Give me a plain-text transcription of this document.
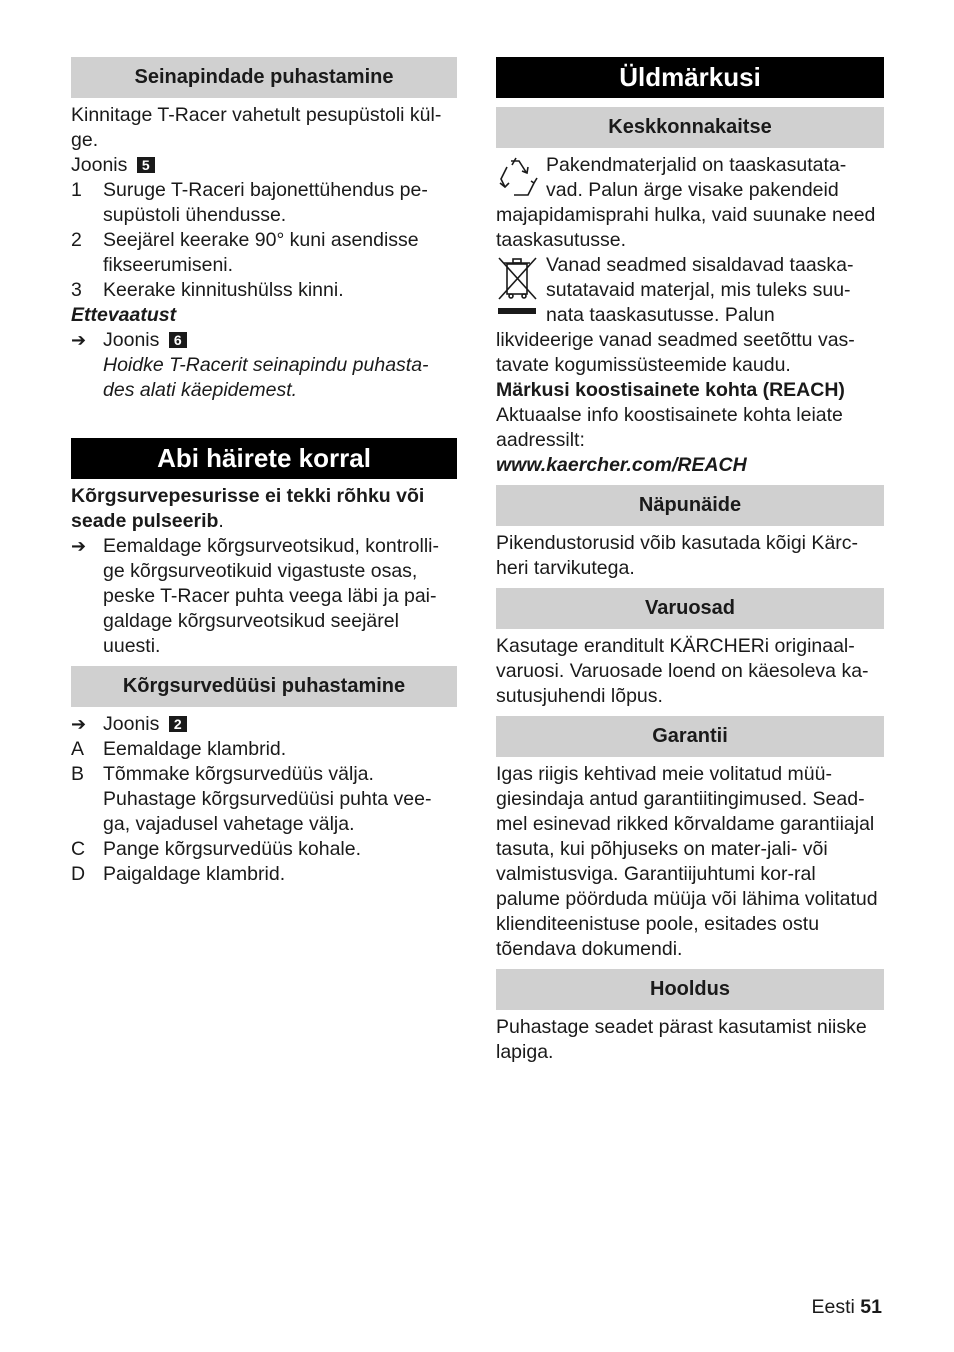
Seinapindade puhastamine

Kinnitage T-Racer vahetult pesupüstoli kül-ge.

Joonis 5

1	Suruge T-Raceri bajonettühendus pe-supüstoli ühendusse.
2	Seejärel keerake 90° kuni asendisse fikseerumiseni.
3	Keerake kinnitushülss kinni.

Ettevaatust

➔ Joonis 6
Hoidke T-Racerit seinapindu puhasta-des alati käepidemest.
Abi häirete korral

Kõrgsurvepesurisse ei tekki rõhku või seade pulseerib.

➔ Eemaldage kõrgsurveotsikud, kontrolli-ge kõrgsurveotikuid vigastuste osas, peske T-Racer puhta veega läbi ja pai-galdage kõrgsurveotsikud seejärel uuesti.
Kõrgsurvedüüsi puhastamine
➔ Joonis 2
A Eemaldage klambrid.
B Tõmmake kõrgsurvedüüs välja. Puhastage kõrgsurvedüüsi puhta vee-ga, vajadusel vahetage välja.
C Pange kõrgsurvedüüs kohale.
D Paigaldage klambrid.
Üldmärkusi
Keskkonnakaitse

Pakendmaterjalid on taaskasutata-

vad. Palun ärge visake pakendeid

majapidamisprahi hulka, vaid suunake need taaskasutusse.

Vanad seadmed sisaldavad taaska-

sutatavaid materjal, mis tuleks suu-

nata taaskasutusse. Palun

likvideerige vanad seadmed seetõttu vas-tavate kogumissüsteemide kaudu.

Märkusi koostisainete kohta (REACH)

Aktuaalse info koostisainete kohta leiate aadressilt:

www.kaercher.com/REACH

Näpunäide

Pikendustorusid võib kasutada kõigi Kärc-heri tarvikutega.

Varuosad

Kasutage eranditult KÄRCHERi originaal-varuosi. Varuosade loend on käesoleva ka-sutusjuhendi lõpus.

Garantii

Igas riigis kehtivad meie volitatud müü-giesindaja antud garantiitingimused. Sead-mel esinevad rikked kõrvaldame garantiiajal tasuta, kui põhjuseks on mater-jali- või valmistusviga. Garantiijuhtumi kor-ral palume pöörduda müüja või lähima volitatud klienditeenistuse poole, esitades ostu tõendava dokumendi.

Hooldus

Puhastage seadet pärast kasutamist niiske lapiga.

Eesti 51
